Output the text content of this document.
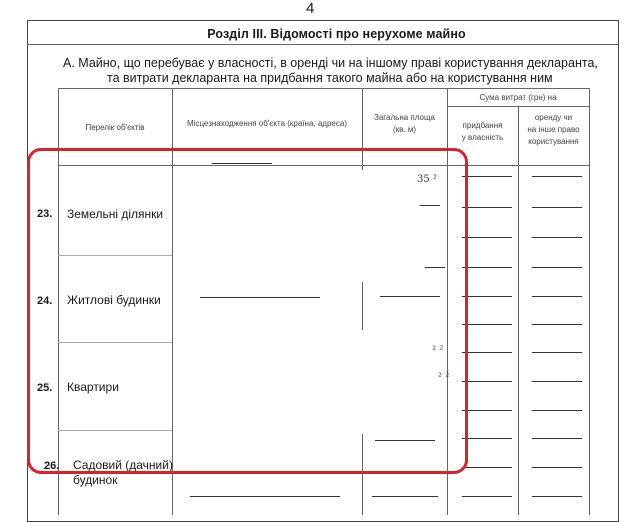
4
Розділ III. Відомості про нерухоме майно
А. Майно, що перебуває у власності, в оренді чи на іншому праві користування декларанта,
та витрати декларанта на придбання такого майна або на користування ним
Перелік об'єктів	Місцезнаходження об'єкта (країна, адреса)
Загальна площа
(кв. м)
Сума витрат (грн) на
придбання
у власність
оренду чи
на інше право
користування
23. Земельні ділянки
24. Житлові будинки
25. Квартири
26. Садовий (дачний)
будинок
35 ²
² ²
² ²
